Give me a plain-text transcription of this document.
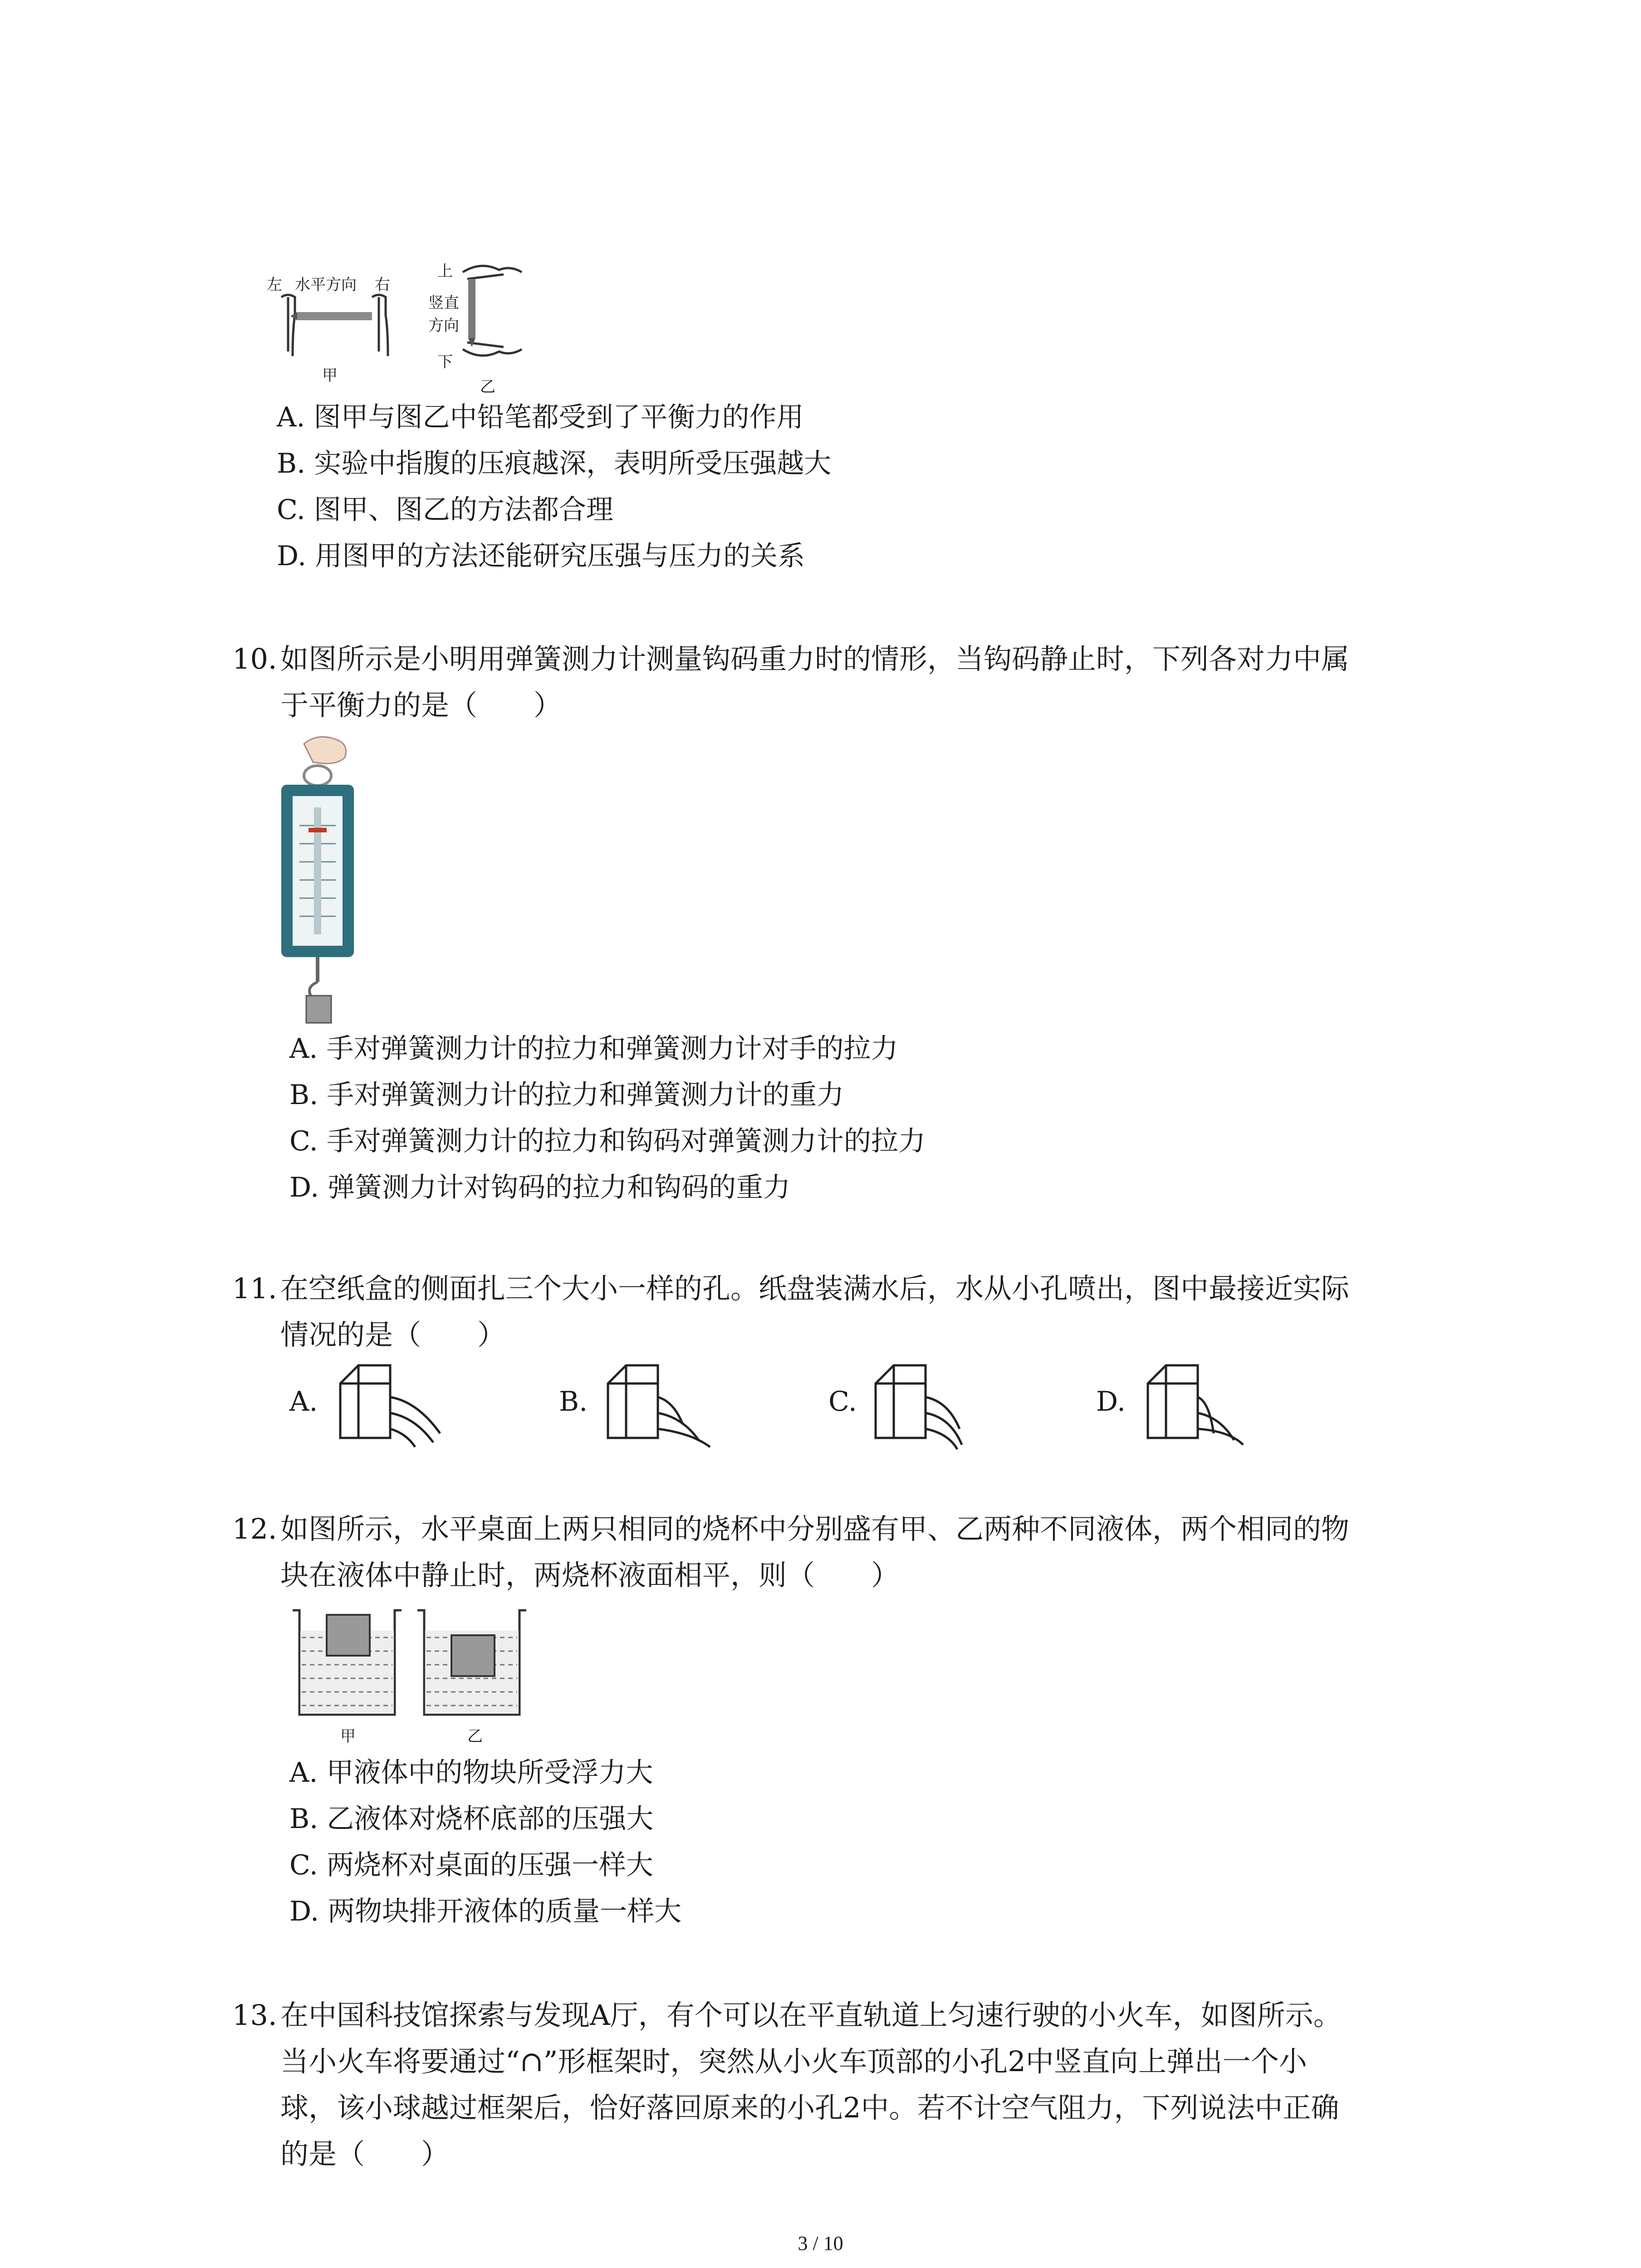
左 水平方向 右
甲
上
竖直
方向
下
乙
A. 图甲与图乙中铅笔都受到了平衡力的作用
B. 实验中指腹的压痕越深，表明所受压强越大
C. 图甲、图乙的方法都合理
D. 用图甲的方法还能研究压强与压力的关系
10. 如图所示是小明用弹簧测力计测量钩码重力时的情形，当钩码静止时，下列各对力中属
于平衡力的是（　　）
A. 手对弹簧测力计的拉力和弹簧测力计对手的拉力
B. 手对弹簧测力计的拉力和弹簧测力计的重力
C. 手对弹簧测力计的拉力和钩码对弹簧测力计的拉力
D. 弹簧测力计对钩码的拉力和钩码的重力
11. 在空纸盒的侧面扎三个大小一样的孔。纸盘装满水后，水从小孔喷出，图中最接近实际
情况的是（　　）
A.	B.	C.	D.
12. 如图所示，水平桌面上两只相同的烧杯中分别盛有甲、乙两种不同液体，两个相同的物
块在液体中静止时，两烧杯液面相平，则（　　）
甲	乙
A. 甲液体中的物块所受浮力大
B. 乙液体对烧杯底部的压强大
C. 两烧杯对桌面的压强一样大
D. 两物块排开液体的质量一样大
13. 在中国科技馆探索与发现A厅，有个可以在平直轨道上匀速行驶的小火车，如图所示。
当小火车将要通过“∩”形框架时，突然从小火车顶部的小孔2中竖直向上弹出一个小
球，该小球越过框架后，恰好落回原来的小孔2中。若不计空气阻力，下列说法中正确
的是（　　）
3 / 10
